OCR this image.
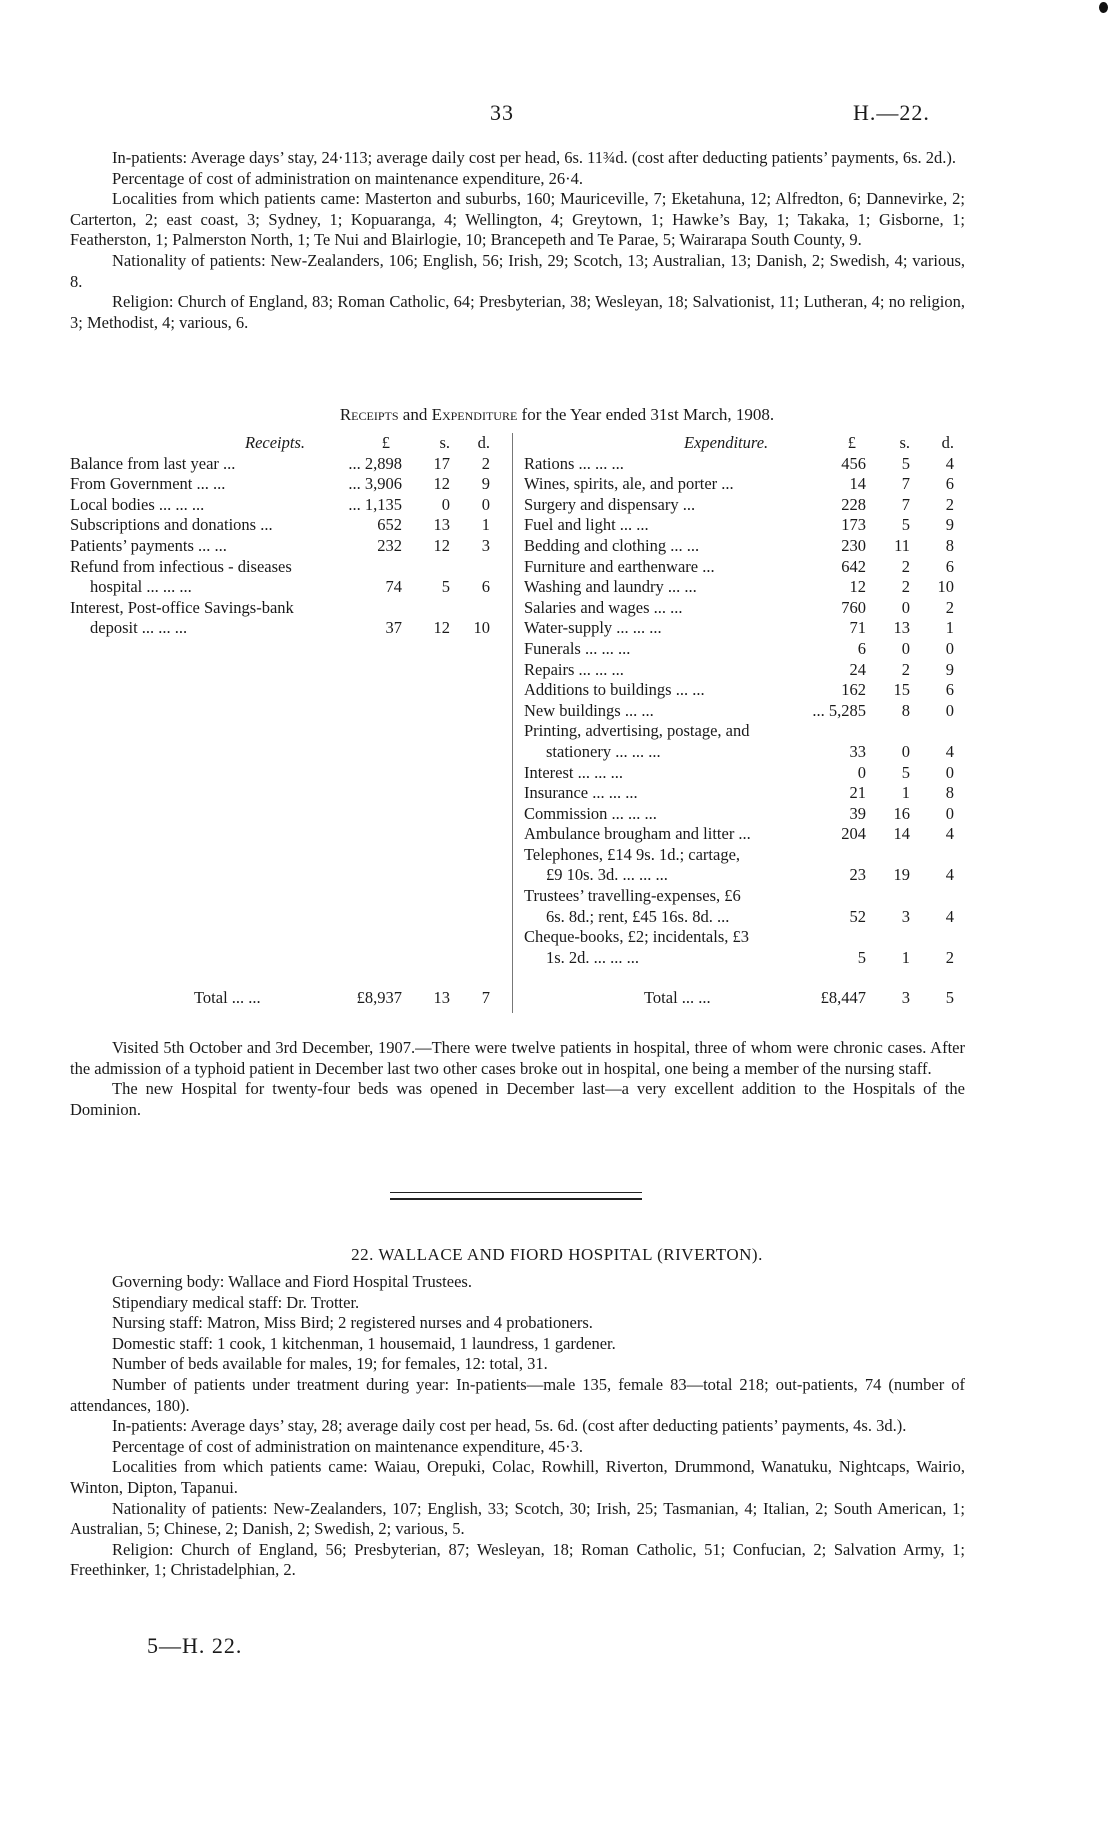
33	H.—22.

In-patients: Average days’ stay, 24·113; average daily cost per head, 6s. 11¾d. (cost after deducting patients’ payments, 6s. 2d.).

Percentage of cost of administration on maintenance expenditure, 26·4.

Localities from which patients came: Masterton and suburbs, 160; Mauriceville, 7; Eketahuna, 12; Alfredton, 6; Dannevirke, 2; Carterton, 2; east coast, 3; Sydney, 1; Kopuaranga, 4; Wellington, 4; Greytown, 1; Hawke’s Bay, 1; Takaka, 1; Gisborne, 1; Featherston, 1; Palmerston North, 1; Te Nui and Blairlogie, 10; Brancepeth and Te Parae, 5; Wairarapa South County, 9.

Nationality of patients: New-Zealanders, 106; English, 56; Irish, 29; Scotch, 13; Australian, 13; Danish, 2; Swedish, 4; various, 8.

Religion: Church of England, 83; Roman Catholic, 64; Presbyterian, 38; Wesleyan, 18; Salvationist, 11; Lutheran, 4; no religion, 3; Methodist, 4; various, 6.

Receipts and Expenditure for the Year ended 31st March, 1908.
Receipts.	£	s. d.
Balance from last year ...	... 2,898 17 2
From Government ... ...	... 3,906 12 9
Local bodies ... ... ...	... 1,135 0 0
Subscriptions and donations ...	652 13 1
Patients’ payments ... ...	232 12 3
Refund from infectious - diseases
hospital ... ... ...	74 5 6
Interest, Post-office Savings-bank
deposit ... ... ...	37 12 10
Expenditure.	£	s. d.
Rations ... ... ...	456 5 4
Wines, spirits, ale, and porter ...	14 7 6
Surgery and dispensary ...	228 7 2
Fuel and light ... ...	173 5 9
Bedding and clothing ... ...	230 11 8
Furniture and earthenware ...	642 2 6
Washing and laundry ... ...	12 2 10
Salaries and wages ... ...	760 0 2
Water-supply ... ... ...	71 13 1
Funerals ... ... ...	6 0 0
Repairs ... ... ...	24 2 9
Additions to buildings ... ...	162 15 6
New buildings ... ...	... 5,285 8 0
Printing, advertising, postage, and
stationery ... ... ...	33 0 4
Interest ... ... ...	0 5 0
Insurance ... ... ...	21 1 8
Commission ... ... ...	39 16 0
Ambulance brougham and litter ...	204 14 4
Telephones, £14 9s. 1d.; cartage,
£9 10s. 3d. ... ... ...	23 19 4
Trustees’ travelling-expenses, £6
6s. 8d.; rent, £45 16s. 8d. ...	52 3 4
Cheque-books, £2; incidentals, £3
1s. 2d. ... ... ...	5 1 2
Total ... ...	£8,937 13 7	Total ... ...	£8,447 3 5

Visited 5th October and 3rd December, 1907.—There were twelve patients in hospital, three of whom were chronic cases. After the admission of a typhoid patient in December last two other cases broke out in hospital, one being a member of the nursing staff.

The new Hospital for twenty-four beds was opened in December last—a very excellent addition to the Hospitals of the Dominion.

22. WALLACE AND FIORD HOSPITAL (RIVERTON).

Governing body: Wallace and Fiord Hospital Trustees.

Stipendiary medical staff: Dr. Trotter.

Nursing staff: Matron, Miss Bird; 2 registered nurses and 4 probationers.

Domestic staff: 1 cook, 1 kitchenman, 1 housemaid, 1 laundress, 1 gardener.

Number of beds available for males, 19; for females, 12: total, 31.

Number of patients under treatment during year: In-patients—male 135, female 83—total 218; out-patients, 74 (number of attendances, 180).

In-patients: Average days’ stay, 28; average daily cost per head, 5s. 6d. (cost after deducting patients’ payments, 4s. 3d.).

Percentage of cost of administration on maintenance expenditure, 45·3.

Localities from which patients came: Waiau, Orepuki, Colac, Rowhill, Riverton, Drummond, Wanatuku, Nightcaps, Wairio, Winton, Dipton, Tapanui.

Nationality of patients: New-Zealanders, 107; English, 33; Scotch, 30; Irish, 25; Tasmanian, 4; Italian, 2; South American, 1; Australian, 5; Chinese, 2; Danish, 2; Swedish, 2; various, 5.

Religion: Church of England, 56; Presbyterian, 87; Wesleyan, 18; Roman Catholic, 51; Confucian, 2; Salvation Army, 1; Freethinker, 1; Christadelphian, 2.

5—H. 22.
